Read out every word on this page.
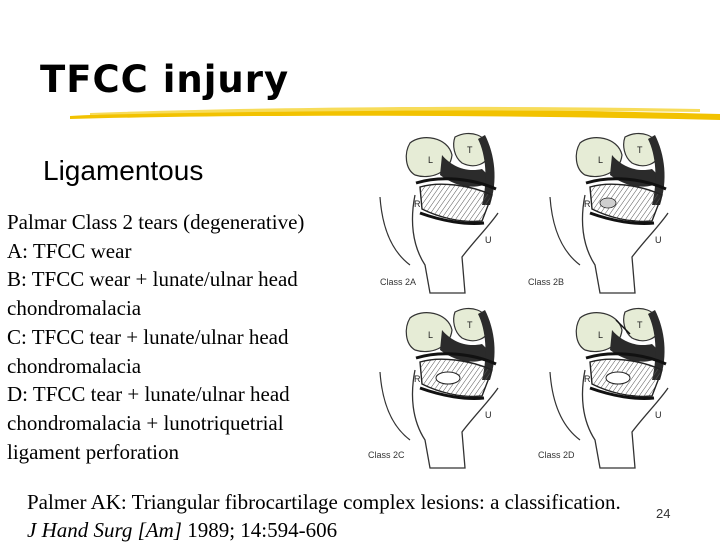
TFCC injury
Ligamentous
Palmar Class 2 tears (degenerative)
A: TFCC wear
B: TFCC wear + lunate/ulnar head
chondromalacia
C: TFCC tear + lunate/ulnar head
chondromalacia
D: TFCC tear + lunate/ulnar head
chondromalacia + lunotriquetrial
ligament perforation
R
Class 2A	Class 2B
Class 2C	Class 2D
Palmer AK: Triangular fibrocartilage complex lesions: a classification. J Hand Surg [Am] 1989; 14:594-606
24
